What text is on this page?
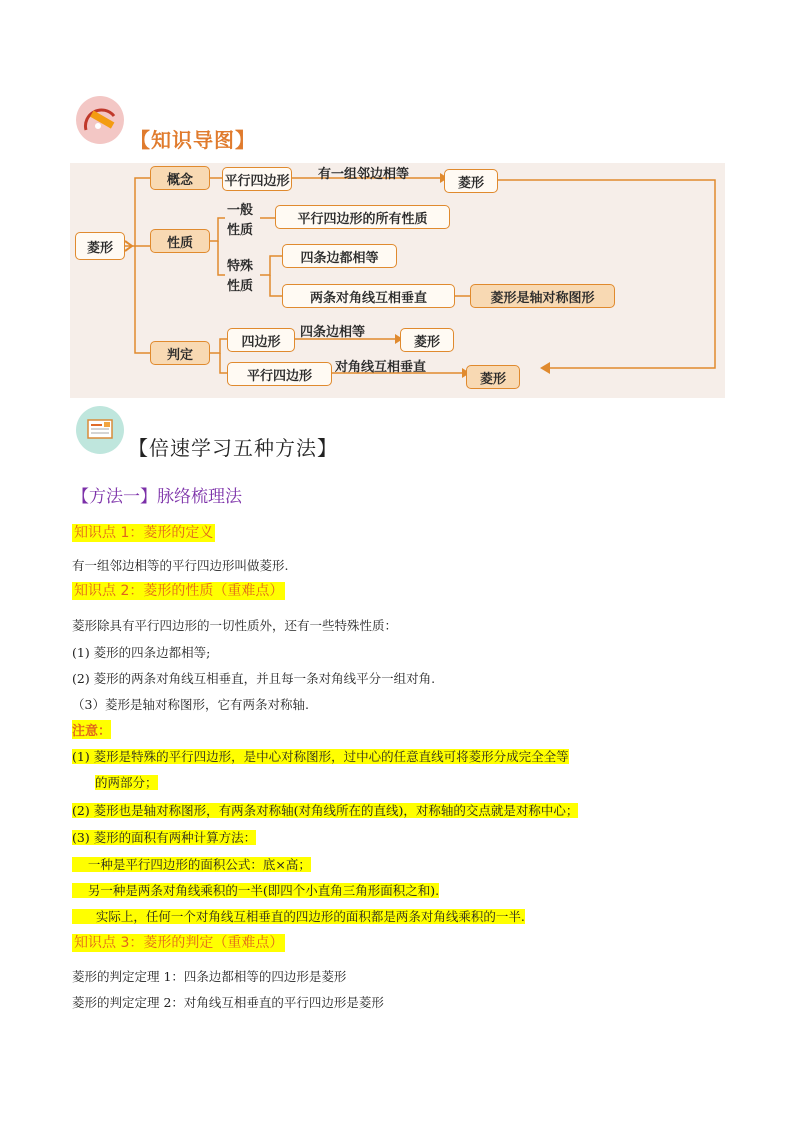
【知识导图】
菱形
概念	平行四边形 有一组邻边相等
菱形
性质
一般
性质
平行四边形的所有性质
特殊
性质
四条边都相等
两条对角线互相垂直	菱形是轴对称图形
判定
四边形
四条边相等
菱形
平行四边形
对角线互相垂直
菱形
【倍速学习五种方法】
【方法一】脉络梳理法
知识点 1：菱形的定义
有一组邻边相等的平行四边形叫做菱形.
知识点 2：菱形的性质（重难点）
菱形除具有平行四边形的一切性质外，还有一些特殊性质：
(1) 菱形的四条边都相等;
(2) 菱形的两条对角线互相垂直，并且每一条对角线平分一组对角.
（3）菱形是轴对称图形，它有两条对称轴.
注意：
(1) 菱形是特殊的平行四边形，是中心对称图形，过中心的任意直线可将菱形分成完全全等
的两部分；
(2) 菱形也是轴对称图形，有两条对称轴(对角线所在的直线)，对称轴的交点就是对称中心；
(3) 菱形的面积有两种计算方法：
一种是平行四边形的面积公式：底×高；
另一种是两条对角线乘积的一半(即四个小直角三角形面积之和).
实际上，任何一个对角线互相垂直的四边形的面积都是两条对角线乘积的一半.
知识点 3：菱形的判定（重难点）
菱形的判定定理 1：四条边都相等的四边形是菱形
菱形的判定定理 2：对角线互相垂直的平行四边形是菱形
